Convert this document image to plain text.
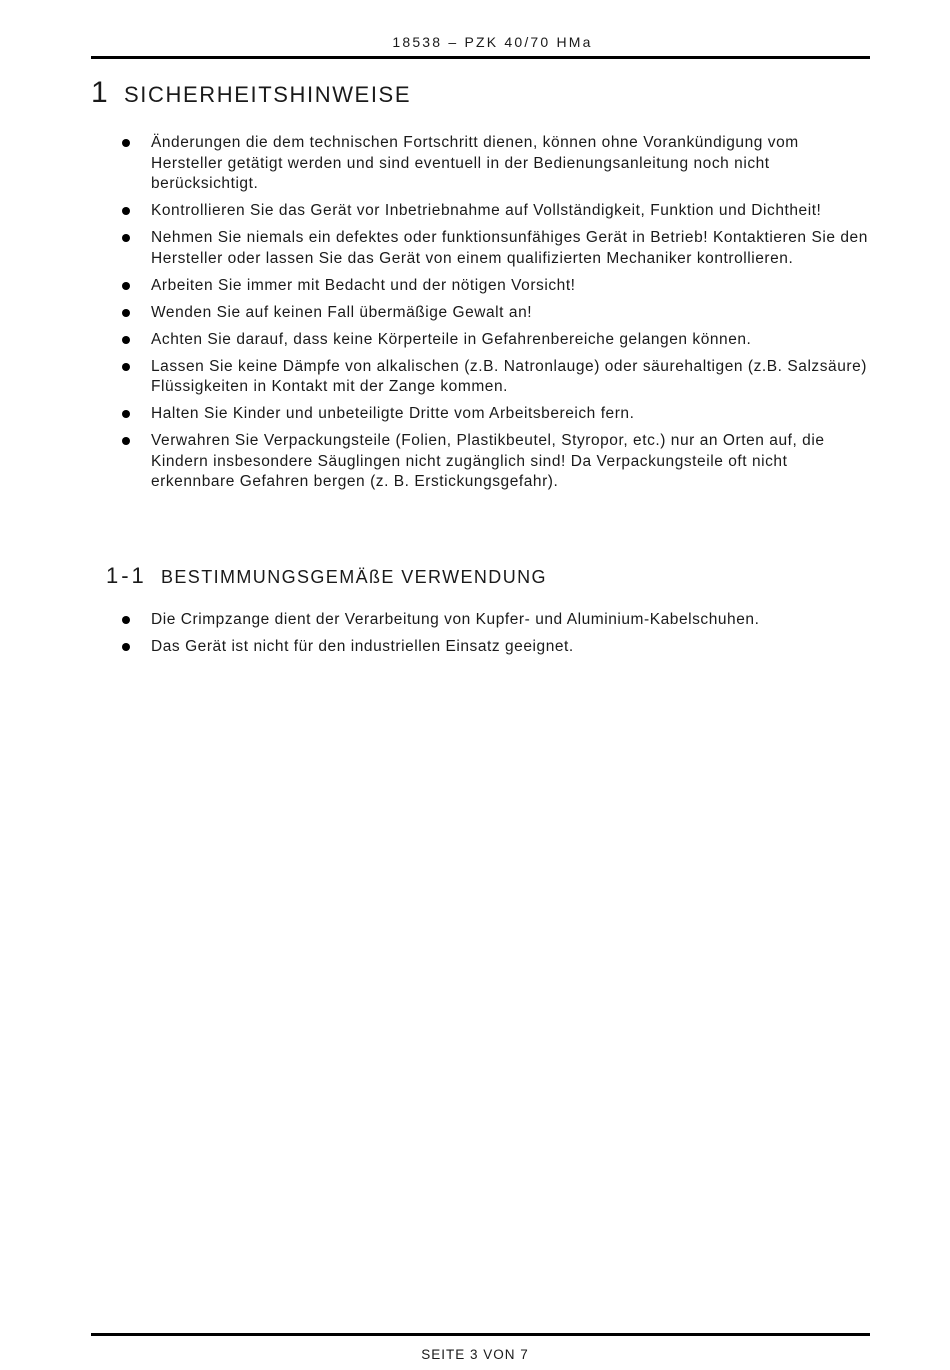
18538 – PZK 40/70 HMa
1 SICHERHEITSHINWEISE
Änderungen die dem technischen Fortschritt dienen, können ohne Vorankündigung vom Hersteller getätigt werden und sind eventuell in der Bedienungsanleitung noch nicht berücksichtigt.
Kontrollieren Sie das Gerät vor Inbetriebnahme auf Vollständigkeit, Funktion und Dichtheit!
Nehmen Sie niemals ein defektes oder funktionsunfähiges Gerät in Betrieb! Kontaktieren Sie den Hersteller oder lassen Sie das Gerät von einem qualifizierten Mechaniker kontrollieren.
Arbeiten Sie immer mit Bedacht und der nötigen Vorsicht!
Wenden Sie auf keinen Fall übermäßige Gewalt an!
Achten Sie darauf, dass keine Körperteile in Gefahrenbereiche gelangen können.
Lassen Sie keine Dämpfe von alkalischen (z.B. Natronlauge) oder säurehaltigen (z.B. Salzsäure) Flüssigkeiten in Kontakt mit der Zange kommen.
Halten Sie Kinder und unbeteiligte Dritte vom Arbeitsbereich fern.
Verwahren Sie Verpackungsteile (Folien, Plastikbeutel, Styropor, etc.) nur an Orten auf, die Kindern insbesondere Säuglingen nicht zugänglich sind! Da Verpackungsteile oft nicht erkennbare Gefahren bergen (z. B. Erstickungsgefahr).
1-1 BESTIMMUNGSGEMÄßE VERWENDUNG
Die Crimpzange dient der Verarbeitung von Kupfer- und Aluminium-Kabelschuhen.
Das Gerät ist nicht für den industriellen Einsatz geeignet.
SEITE 3 VON 7
